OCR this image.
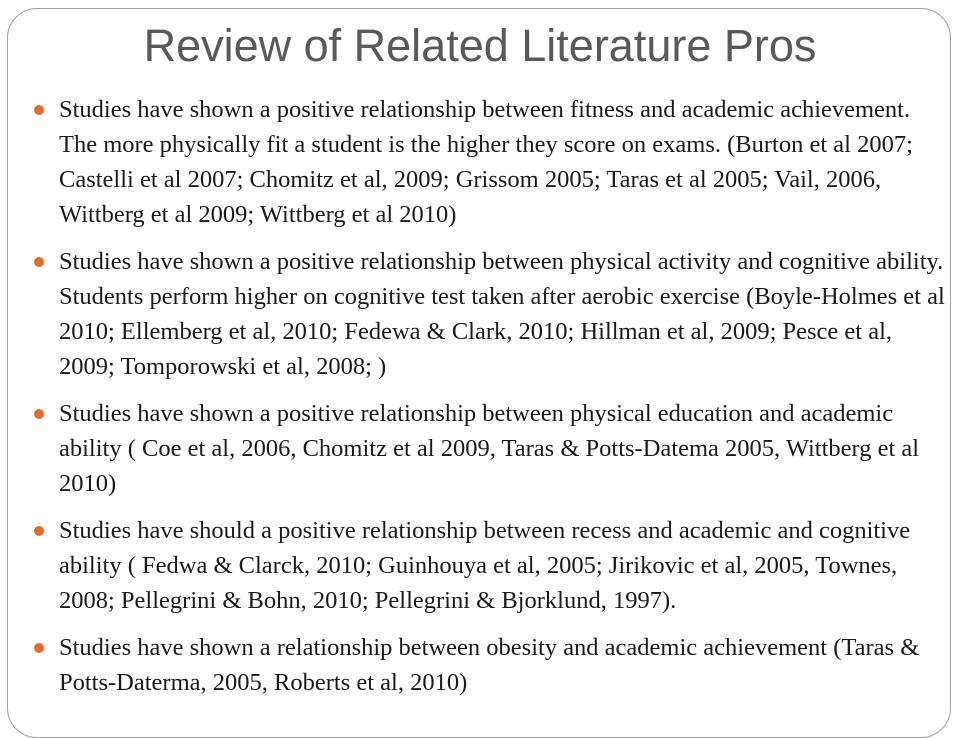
Review of Related Literature Pros
Studies have shown a positive relationship between fitness and academic achievement. The more physically fit a student is the higher they score on exams. (Burton et al 2007; Castelli et al 2007; Chomitz et al, 2009; Grissom 2005; Taras et al 2005; Vail, 2006, Wittberg et al 2009; Wittberg et al 2010)
Studies have shown a positive relationship between physical activity and cognitive ability. Students perform higher on cognitive test taken after aerobic exercise (Boyle-Holmes et al 2010; Ellemberg et al, 2010; Fedewa & Clark, 2010; Hillman et al, 2009; Pesce et al, 2009; Tomporowski et al, 2008; )
Studies have shown a positive relationship between physical education and academic ability ( Coe et al, 2006, Chomitz et al 2009, Taras & Potts-Datema 2005, Wittberg et al 2010)
Studies have should a positive relationship between recess and academic and cognitive ability ( Fedwa & Clarck, 2010; Guinhouya et al, 2005; Jirikovic et al, 2005, Townes, 2008; Pellegrini & Bohn, 2010; Pellegrini & Bjorklund, 1997).
Studies have shown a relationship between obesity and academic achievement (Taras & Potts-Daterma, 2005, Roberts et al, 2010)
